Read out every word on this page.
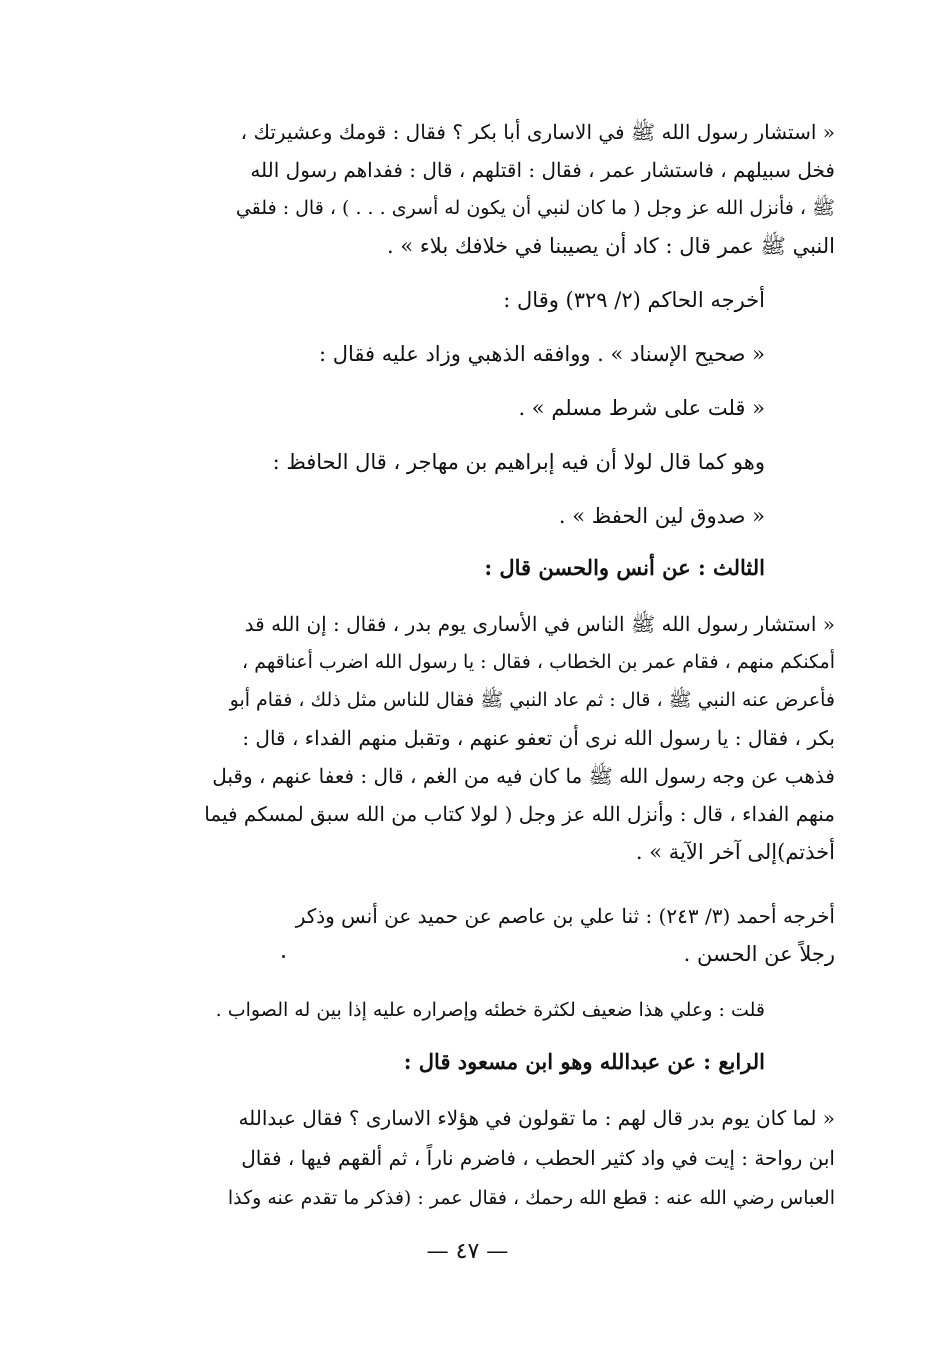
« استشار رسول الله ﷺ في الاسارى أبا بكر ؟ فقال : قومك وعشيرتك ،
فخل سبيلهم ، فاستشار عمر ، فقال : اقتلهم ، قال : ففداهم رسول الله
ﷺ ، فأنزل الله عز وجل ( ما كان لنبي أن يكون له أسرى . . . ) ، قال : فلقي
النبي ﷺ عمر قال : كاد أن يصيبنا في خلافك بلاء » .
أخرجه الحاكم (٢/ ٣٢٩) وقال :
« صحيح الإسناد » . ووافقه الذهبي وزاد عليه فقال :
« قلت على شرط مسلم » .
وهو كما قال لولا أن فيه إبراهيم بن مهاجر ، قال الحافظ :
« صدوق لين الحفظ » .
الثالث : عن أنس والحسن قال :
« استشار رسول الله ﷺ الناس في الأسارى يوم بدر ، فقال : إن الله قد
أمكنكم منهم ، فقام عمر بن الخطاب ، فقال : يا رسول الله اضرب أعناقهم ،
فأعرض عنه النبي ﷺ ، قال : ثم عاد النبي ﷺ فقال للناس مثل ذلك ، فقام أبو
بكر ، فقال : يا رسول الله نرى أن تعفو عنهم ، وتقبل منهم الفداء ، قال :
فذهب عن وجه رسول الله ﷺ ما كان فيه من الغم ، قال : فعفا عنهم ، وقبل
منهم الفداء ، قال : وأنزل الله عز وجل ( لولا كتاب من الله سبق لمسكم فيما
أخذتم)إلى آخر الآية » .
أخرجه أحمد (٣/ ٢٤٣) : ثنا علي بن عاصم عن حميد عن أنس وذكر
رجلاً عن الحسن .
قلت : وعلي هذا ضعيف لكثرة خطئه وإصراره عليه إذا بين له الصواب .
الرابع : عن عبدالله وهو ابن مسعود قال :
« لما كان يوم بدر قال لهم : ما تقولون في هؤلاء الاسارى ؟ فقال عبدالله
ابن رواحة : إيت في واد كثير الحطب ، فاضرم ناراً ، ثم ألقهم فيها ، فقال
العباس رضي الله عنه : قطع الله رحمك ، فقال عمر : (فذكر ما تقدم عنه وكذا
— ٤٧ —
